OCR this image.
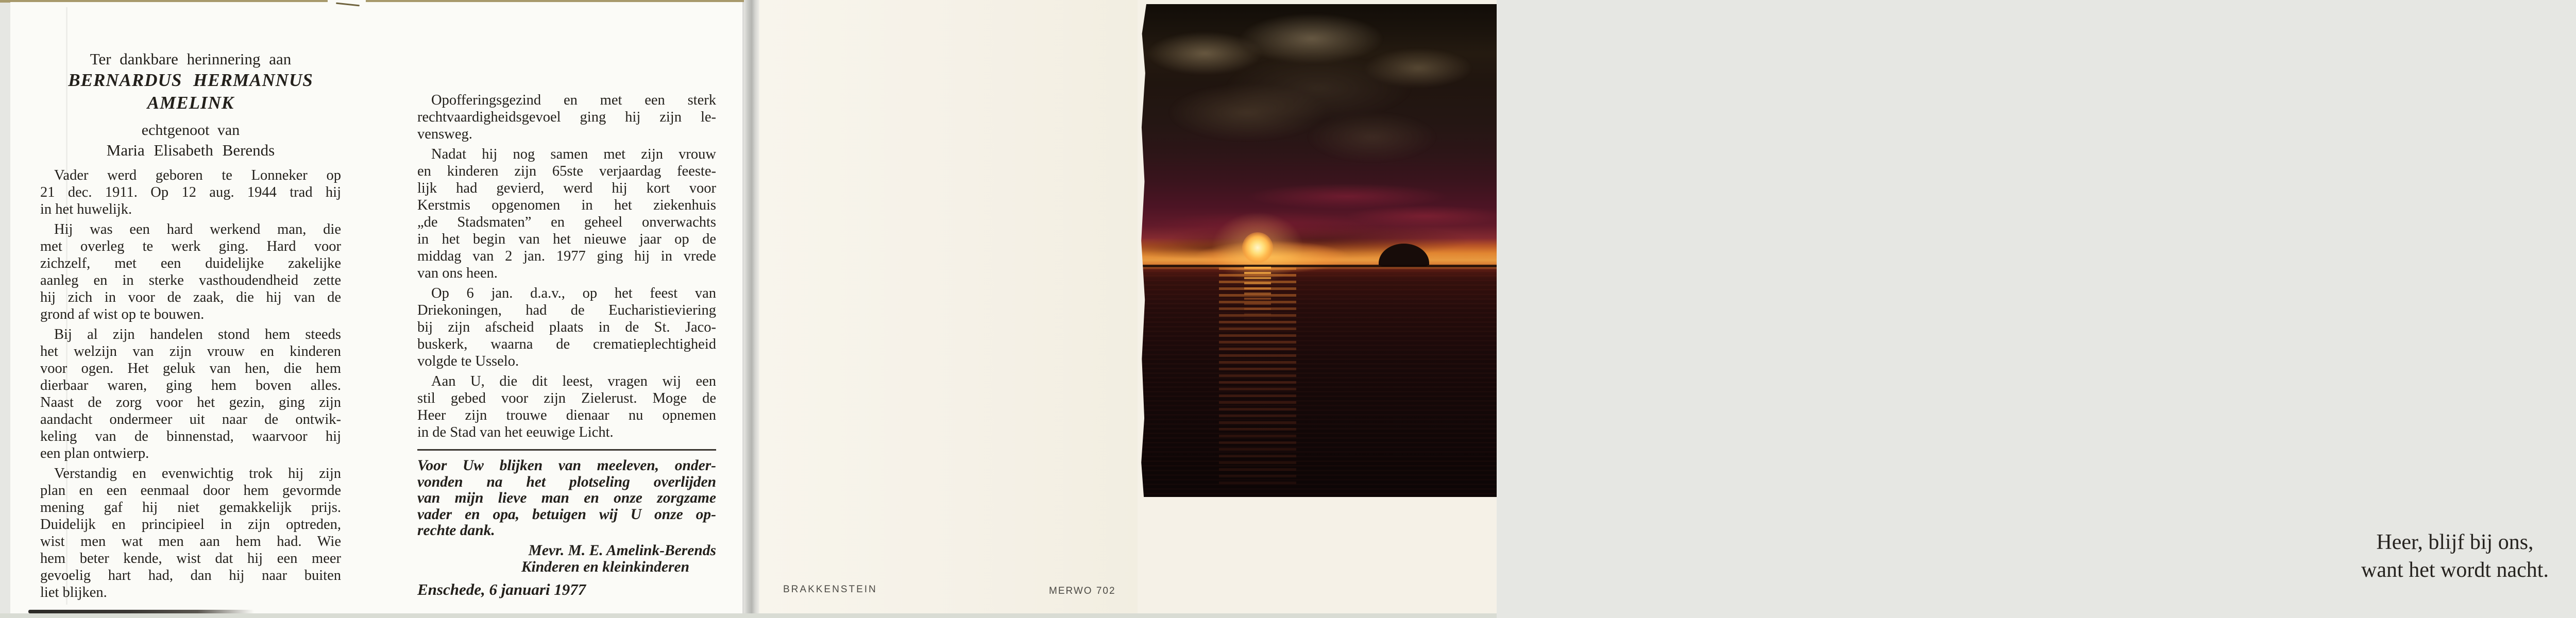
Ter dankbare herinnering aan
BERNARDUS HERMANNUS
AMELINK
echtgenoot van
Maria Elisabeth Berends
Vader werd geboren te Lonneker op
21 dec. 1911. Op 12 aug. 1944 trad hij
in het huwelijk.
Hij was een hard werkend man, die
met overleg te werk ging. Hard voor
zichzelf, met een duidelijke zakelijke
aanleg en in sterke vasthoudendheid zette
hij zich in voor de zaak, die hij van de
grond af wist op te bouwen.
Bij al zijn handelen stond hem steeds
het welzijn van zijn vrouw en kinderen
voor ogen. Het geluk van hen, die hem
dierbaar waren, ging hem boven alles.
Naast de zorg voor het gezin, ging zijn
aandacht ondermeer uit naar de ontwik-
keling van de binnenstad, waarvoor hij
een plan ontwierp.
Verstandig en evenwichtig trok hij zijn
plan en een eenmaal door hem gevormde
mening gaf hij niet gemakkelijk prijs.
Duidelijk en principieel in zijn optreden,
wist men wat men aan hem had. Wie
hem beter kende, wist dat hij een meer
gevoelig hart had, dan hij naar buiten
liet blijken.
Opofferingsgezind en met een sterk
rechtvaardigheidsgevoel ging hij zijn le-
vensweg.
Nadat hij nog samen met zijn vrouw
en kinderen zijn 65ste verjaardag feeste-
lijk had gevierd, werd hij kort voor
Kerstmis opgenomen in het ziekenhuis
„de Stadsmaten” en geheel onverwachts
in het begin van het nieuwe jaar op de
middag van 2 jan. 1977 ging hij in vrede
van ons heen.
Op 6 jan. d.a.v., op het feest van
Driekoningen, had de Eucharistieviering
bij zijn afscheid plaats in de St. Jaco-
buskerk, waarna de crematieplechtigheid
volgde te Usselo.
Aan U, die dit leest, vragen wij een
stil gebed voor zijn Zielerust. Moge de
Heer zijn trouwe dienaar nu opnemen
in de Stad van het eeuwige Licht.
Voor Uw blijken van meeleven, onder-
vonden na het plotseling overlijden
van mijn lieve man en onze zorgzame
vader en opa, betuigen wij U onze op-
rechte dank.
Mevr. M. E. Amelink-Berends
Kinderen en kleinkinderen
Enschede, 6 januari 1977	BRAKKENSTEIN	MERWO 702
Heer, blijf bij ons,
want het wordt nacht.
